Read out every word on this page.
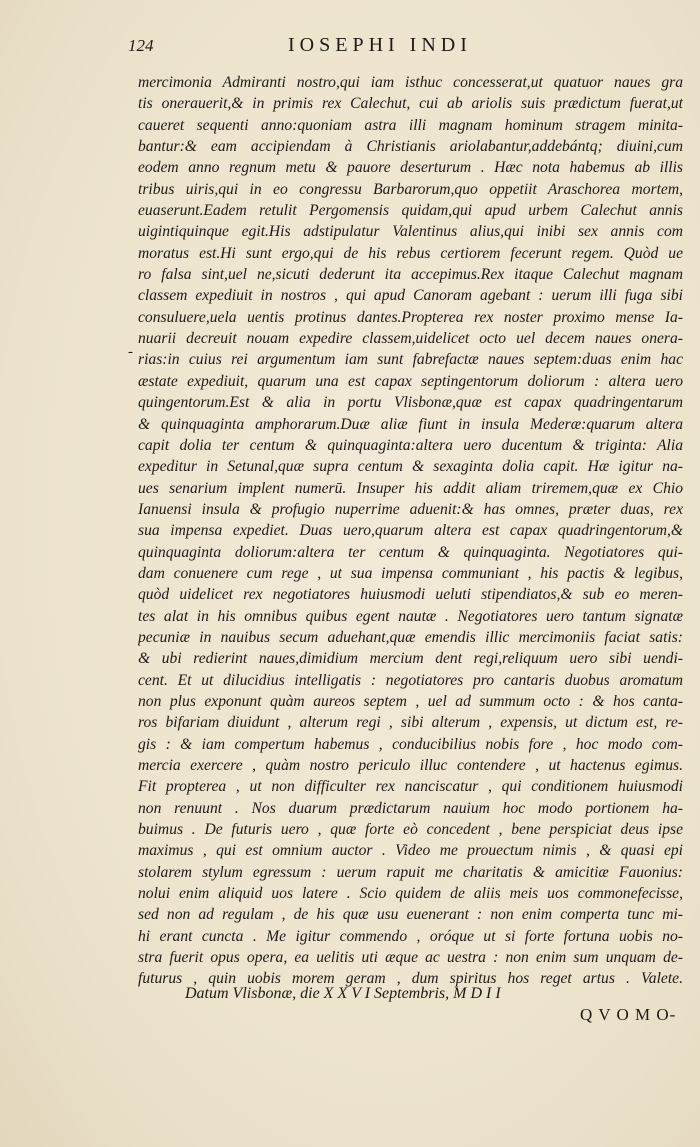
124	IOSEPHI INDI
-
mercimonia Admiranti nostro,qui iam isthuc concesserat,ut quatuor naues gra
tis onerauerit,& in primis rex Calechut, cui ab ariolis suis prædictum fuerat,ut
caueret sequenti anno:quoniam astra illi magnam hominum stragem minita-
bantur:& eam accipiendam à Christianis ariolabantur,addebántq; diuini,cum
eodem anno regnum metu & pauore deserturum . Hæc nota habemus ab illis
tribus uiris,qui in eo congressu Barbarorum,quo oppetiit Araschorea mortem,
euaserunt.Eadem retulit Pergomensis quidam,qui apud urbem Calechut annis
uigintiquinque egit.His adstipulatur Valentinus alius,qui inibi sex annis com
moratus est.Hi sunt ergo,qui de his rebus certiorem fecerunt regem. Quòd ue
ro falsa sint,uel ne,sicuti dederunt ita accepimus.Rex itaque Calechut magnam
classem expediuit in nostros , qui apud Canoram agebant : uerum illi fuga sibi
consuluere,uela uentis protinus dantes.Propterea rex noster proximo mense Ia-
nuarii decreuit nouam expedire classem,uidelicet octo uel decem naues onera-
rias:in cuius rei argumentum iam sunt fabrefactæ naues septem:duas enim hac
æstate expediuit, quarum una est capax septingentorum doliorum : altera uero
quingentorum.Est & alia in portu Vlisbonæ,quæ est capax quadringentarum
& quinquaginta amphorarum.Duæ aliæ fiunt in insula Mederæ:quarum altera
capit dolia ter centum & quinquaginta:altera uero ducentum & triginta: Alia
expeditur in Setunal,quæ supra centum & sexaginta dolia capit. Hæ igitur na-
ues senarium implent numerū. Insuper his addit aliam triremem,quæ ex Chio
Ianuensi insula & profugio nuperrime aduenit:& has omnes, præter duas, rex
sua impensa expediet. Duas uero,quarum altera est capax quadringentorum,&
quinquaginta doliorum:altera ter centum & quinquaginta. Negotiatores qui-
dam conuenere cum rege , ut sua impensa communiant , his pactis & legibus,
quòd uidelicet rex negotiatores huiusmodi ueluti stipendiatos,& sub eo meren-
tes alat in his omnibus quibus egent nautæ . Negotiatores uero tantum signatæ
pecuniæ in nauibus secum aduehant,quæ emendis illic mercimoniis faciat satis:
& ubi redierint naues,dimidium mercium dent regi,reliquum uero sibi uendi-
cent. Et ut dilucidius intelligatis : negotiatores pro cantaris duobus aromatum
non plus exponunt quàm aureos septem , uel ad summum octo : & hos canta-
ros bifariam diuidunt , alterum regi , sibi alterum , expensis, ut dictum est, re-
gis : & iam compertum habemus , conducibilius nobis fore , hoc modo com-
mercia exercere , quàm nostro periculo illuc contendere , ut hactenus egimus.
Fit propterea , ut non difficulter rex nanciscatur , qui conditionem huiusmodi
non renuunt . Nos duarum prædictarum nauium hoc modo portionem ha-
buimus . De futuris uero , quæ forte eò concedent , bene perspiciat deus ipse
maximus , qui est omnium auctor . Video me prouectum nimis , & quasi epi
stolarem stylum egressum : uerum rapuit me charitatis & amicitiæ Fauonius:
nolui enim aliquid uos latere . Scio quidem de aliis meis uos commonefecisse,
sed non ad regulam , de his quæ usu euenerant : non enim comperta tunc mi-
hi erant cuncta . Me igitur commendo , oróque ut si forte fortuna uobis no-
stra fuerit opus opera, ea uelitis uti æque ac uestra : non enim sum unquam de-
futurus , quin uobis morem geram , dum spiritus hos reget artus . Valete.
Datum Vlisbonæ, die X X V I Septembris, M D I I
Q V O M O-
